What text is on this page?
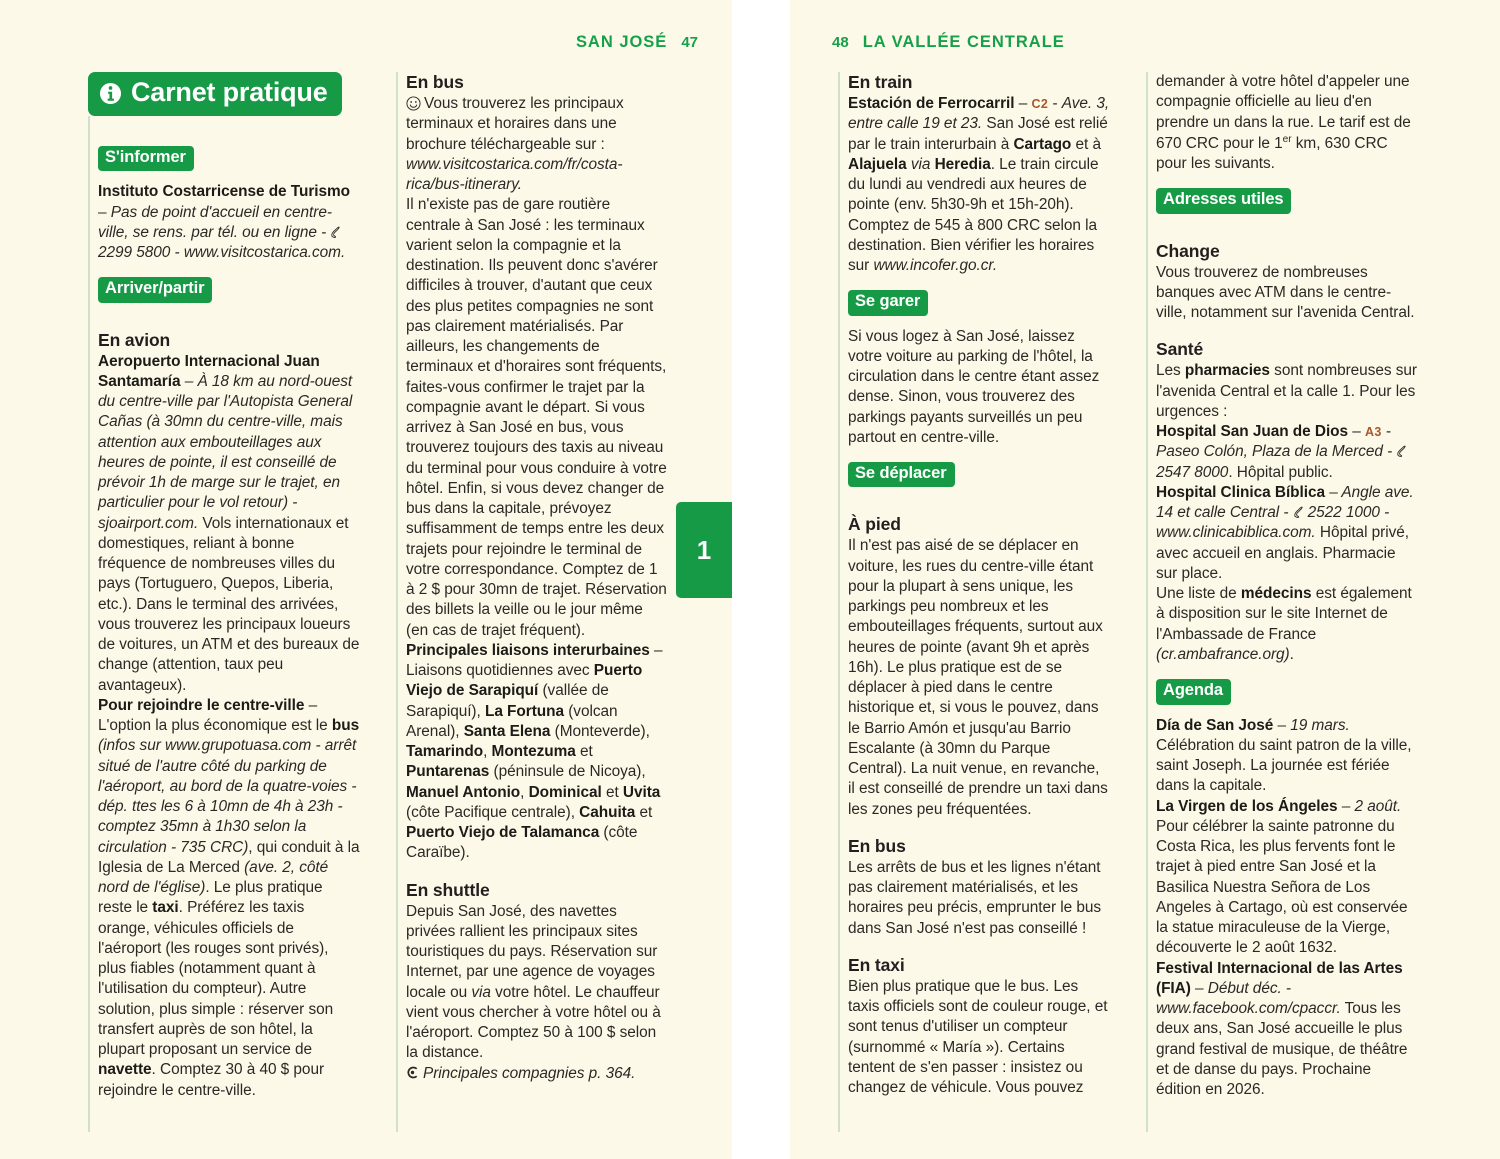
SAN JOSÉ 47
Carnet pratique
S'informer

Instituto Costarricense de Turismo – Pas de point d'accueil en centre-ville, se rens. par tél. ou en ligne - 2299 5800 - www.visitcostarica.com.

Arriver/partir
En avion

Aeropuerto Internacional Juan Santamaría – À 18 km au nord-ouest du centre-ville par l'Autopista General Cañas (à 30mn du centre-ville, mais attention aux embouteillages aux heures de pointe, il est conseillé de prévoir 1h de marge sur le trajet, en particulier pour le vol retour) - sjoairport.com. Vols internationaux et domestiques, reliant à bonne fréquence de nombreuses villes du pays (Tortuguero, Quepos, Liberia, etc.). Dans le terminal des arrivées, vous trouverez les principaux loueurs de voitures, un ATM et des bureaux de change (attention, taux peu avantageux).

Pour rejoindre le centre-ville – L'option la plus économique est le bus (infos sur www.grupotuasa.com - arrêt situé de l'autre côté du parking de l'aéroport, au bord de la quatre-voies - dép. ttes les 6 à 10mn de 4h à 23h - comptez 35mn à 1h30 selon la circulation - 735 CRC), qui conduit à la Iglesia de La Merced (ave. 2, côté nord de l'église). Le plus pratique reste le taxi. Préférez les taxis orange, véhicules officiels de l'aéroport (les rouges sont privés), plus fiables (notamment quant à l'utilisation du compteur). Autre solution, plus simple : réserver son transfert auprès de son hôtel, la plupart proposant un service de navette. Comptez 30 à 40 $ pour rejoindre le centre-ville.

En bus

Vous trouverez les principaux terminaux et horaires dans une brochure téléchargeable sur : www.visitcostarica.com/fr/costa-rica/bus-itinerary.

Il n'existe pas de gare routière centrale à San José : les terminaux varient selon la compagnie et la destination. Ils peuvent donc s'avérer difficiles à trouver, d'autant que ceux des plus petites compagnies ne sont pas clairement matérialisés. Par ailleurs, les changements de terminaux et d'horaires sont fréquents, faites-vous confirmer le trajet par la compagnie avant le départ. Si vous arrivez à San José en bus, vous trouverez toujours des taxis au niveau du terminal pour vous conduire à votre hôtel. Enfin, si vous devez changer de bus dans la capitale, prévoyez suffisamment de temps entre les deux trajets pour rejoindre le terminal de votre correspondance. Comptez de 1 à 2 $ pour 30mn de trajet. Réservation des billets la veille ou le jour même (en cas de trajet fréquent).

Principales liaisons interurbaines – Liaisons quotidiennes avec Puerto Viejo de Sarapiquí (vallée de Sarapiquí), La Fortuna (volcan Arenal), Santa Elena (Monteverde), Tamarindo, Montezuma et Puntarenas (péninsule de Nicoya), Manuel Antonio, Dominical et Uvita (côte Pacifique centrale), Cahuita et Puerto Viejo de Talamanca (côte Caraïbe).

En shuttle

Depuis San José, des navettes privées rallient les principaux sites touristiques du pays. Réservation sur Internet, par une agence de voyages locale ou via votre hôtel. Le chauffeur vient vous chercher à votre hôtel ou à l'aéroport. Comptez 50 à 100 $ selon la distance.

Principales compagnies p. 364.

1
48 LA VALLÉE CENTRALE
En train

Estación de Ferrocarril – C2 - Ave. 3, entre calle 19 et 23. San José est relié par le train interurbain à Cartago et à Alajuela via Heredia. Le train circule du lundi au vendredi aux heures de pointe (env. 5h30-9h et 15h-20h). Comptez de 545 à 800 CRC selon la destination. Bien vérifier les horaires sur www.incofer.go.cr.

Se garer

Si vous logez à San José, laissez votre voiture au parking de l'hôtel, la circulation dans le centre étant assez dense. Sinon, vous trouverez des parkings payants surveillés un peu partout en centre-ville.

Se déplacer
À pied

Il n'est pas aisé de se déplacer en voiture, les rues du centre-ville étant pour la plupart à sens unique, les parkings peu nombreux et les embouteillages fréquents, surtout aux heures de pointe (avant 9h et après 16h). Le plus pratique est de se déplacer à pied dans le centre historique et, si vous le pouvez, dans le Barrio Amón et jusqu'au Barrio Escalante (à 30mn du Parque Central). La nuit venue, en revanche, il est conseillé de prendre un taxi dans les zones peu fréquentées.

En bus

Les arrêts de bus et les lignes n'étant pas clairement matérialisés, et les horaires peu précis, emprunter le bus dans San José n'est pas conseillé !

En taxi

Bien plus pratique que le bus. Les taxis officiels sont de couleur rouge, et sont tenus d'utiliser un compteur (surnommé « María »). Certains tentent de s'en passer : insistez ou changez de véhicule. Vous pouvez

demander à votre hôtel d'appeler une compagnie officielle au lieu d'en prendre un dans la rue. Le tarif est de 670 CRC pour le 1er km, 630 CRC pour les suivants.

Adresses utiles
Change

Vous trouverez de nombreuses banques avec ATM dans le centre-ville, notamment sur l'avenida Central.

Santé

Les pharmacies sont nombreuses sur l'avenida Central et la calle 1. Pour les urgences :

Hospital San Juan de Dios – A3 - Paseo Colón, Plaza de la Merced - 2547 8000. Hôpital public.

Hospital Clinica Bíblica – Angle ave. 14 et calle Central - 2522 1000 - www.clinicabiblica.com. Hôpital privé, avec accueil en anglais. Pharmacie sur place.

Une liste de médecins est également à disposition sur le site Internet de l'Ambassade de France (cr.ambafrance.org).

Agenda

Día de San José – 19 mars. Célébration du saint patron de la ville, saint Joseph. La journée est fériée dans la capitale.

La Virgen de los Ángeles – 2 août. Pour célébrer la sainte patronne du Costa Rica, les plus fervents font le trajet à pied entre San José et la Basilica Nuestra Señora de Los Angeles à Cartago, où est conservée la statue miraculeuse de la Vierge, découverte le 2 août 1632.

Festival Internacional de las Artes (FIA) – Début déc. - www.facebook.com/cpaccr. Tous les deux ans, San José accueille le plus grand festival de musique, de théâtre et de danse du pays. Prochaine édition en 2026.
